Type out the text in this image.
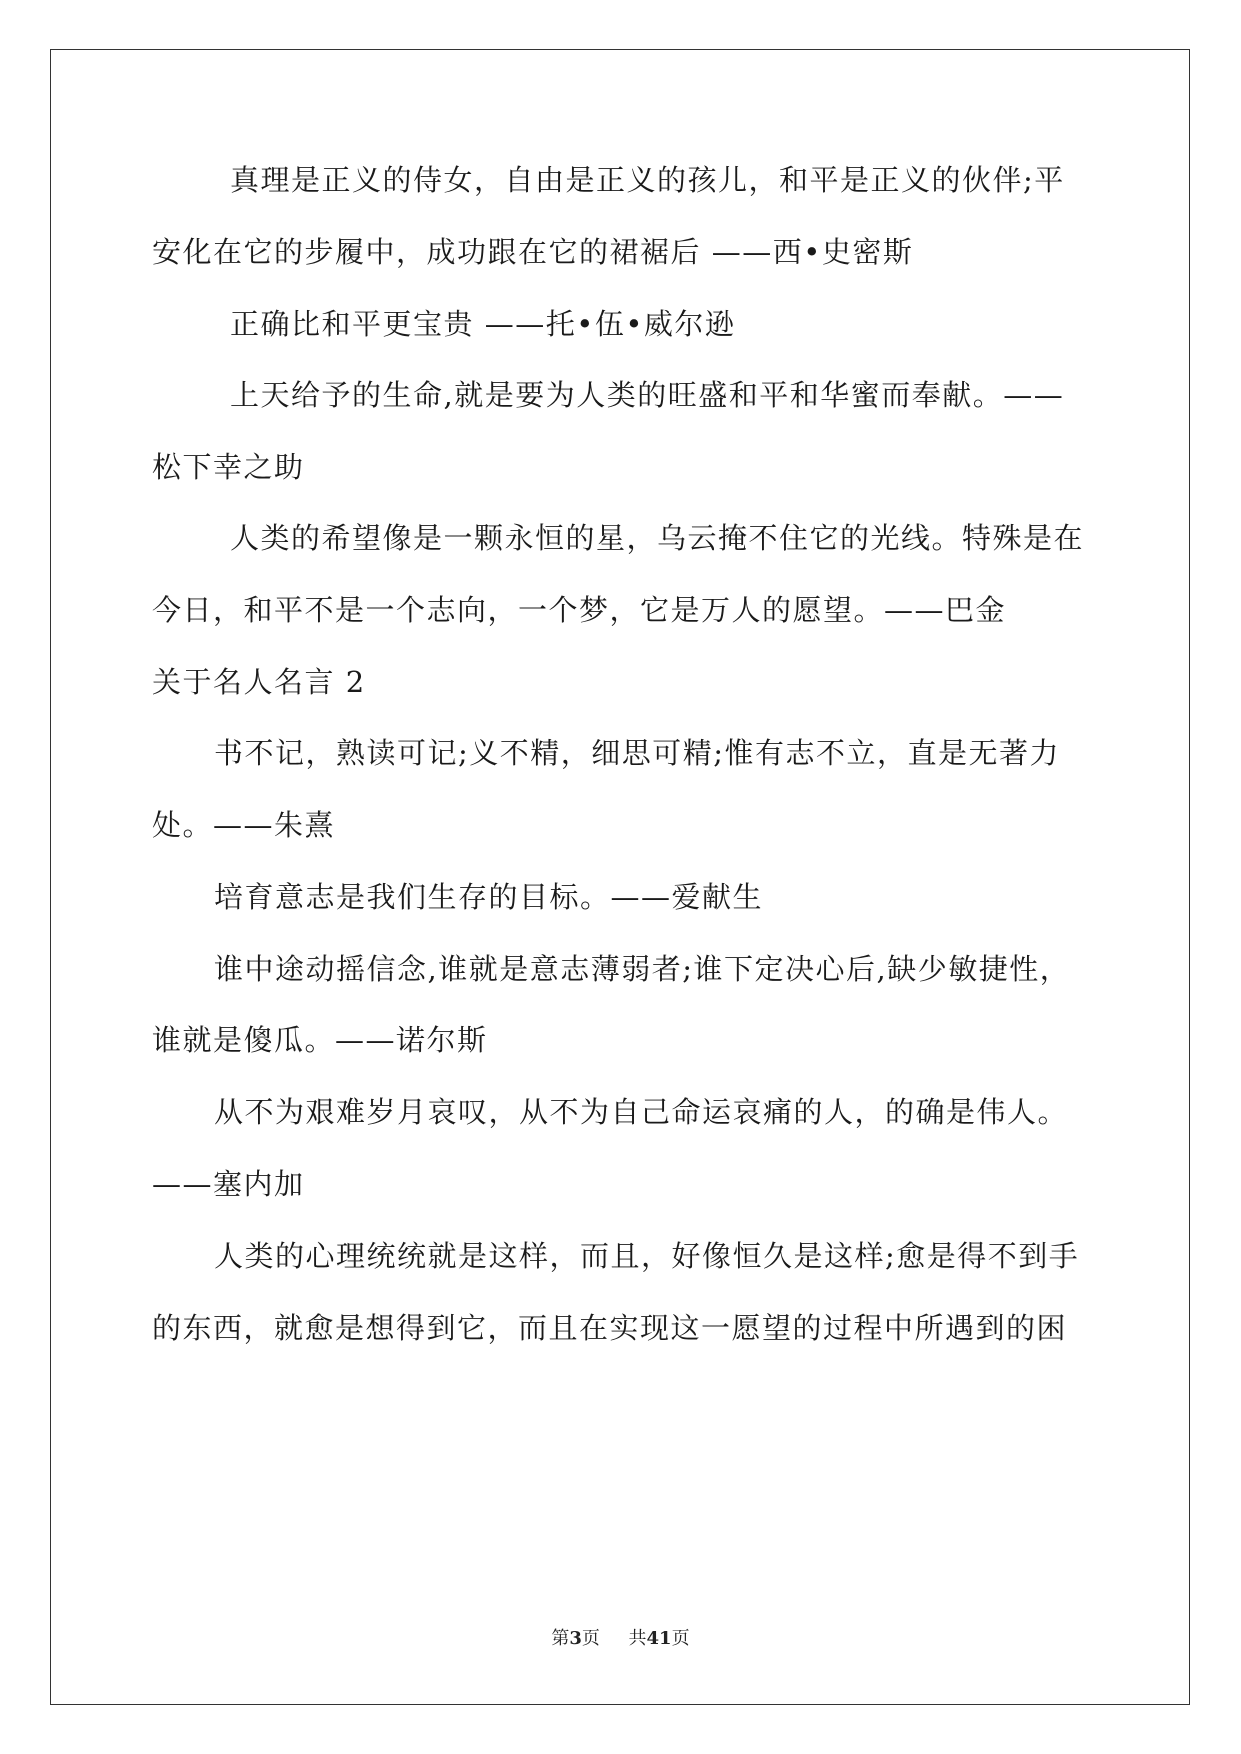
真理是正义的侍女，自由是正义的孩儿，和平是正义的伙伴;平
安化在它的步履中，成功跟在它的裙裾后 ——西•史密斯
正确比和平更宝贵 ——托•伍•威尔逊
上天给予的生命,就是要为人类的旺盛和平和华蜜而奉献。——
松下幸之助
人类的希望像是一颗永恒的星，乌云掩不住它的光线。特殊是在
今日，和平不是一个志向，一个梦，它是万人的愿望。——巴金
关于名人名言 2
书不记，熟读可记;义不精，细思可精;惟有志不立，直是无著力
处。——朱熹
培育意志是我们生存的目标。——爱献生
谁中途动摇信念,谁就是意志薄弱者;谁下定决心后,缺少敏捷性，
谁就是傻瓜。——诺尔斯
从不为艰难岁月哀叹，从不为自己命运哀痛的人，的确是伟人。
——塞内加
人类的心理统统就是这样，而且，好像恒久是这样;愈是得不到手
的东西，就愈是想得到它，而且在实现这一愿望的过程中所遇到的困
第3页 共41页
